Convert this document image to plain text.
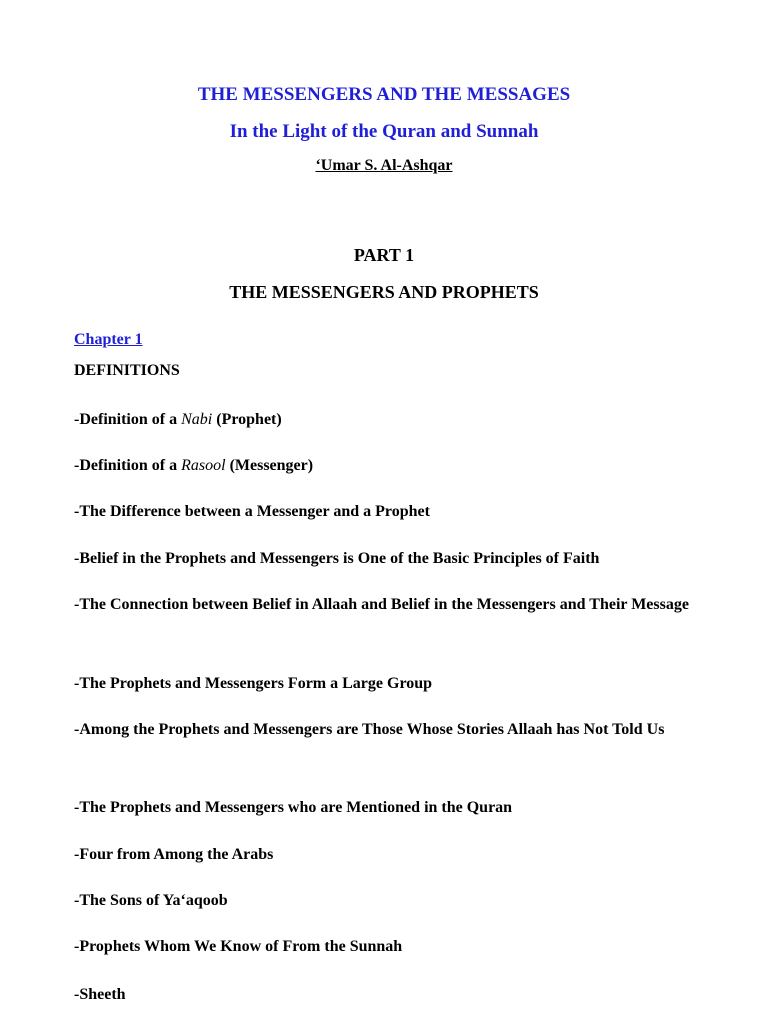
THE MESSENGERS AND THE MESSAGES
In the Light of the Quran and Sunnah
‘Umar S. Al-Ashqar
PART 1
THE MESSENGERS AND PROPHETS
Chapter 1
DEFINITIONS
-Definition of a Nabi (Prophet)
-Definition of a Rasool (Messenger)
-The Difference between a Messenger and a Prophet
-Belief in the Prophets and Messengers is One of the Basic Principles of Faith
-The Connection between Belief in Allaah and Belief in the Messengers and Their Message
-The Prophets and Messengers Form a Large Group
-Among the Prophets and Messengers are Those Whose Stories Allaah has Not Told Us
-The Prophets and Messengers who are Mentioned in the Quran
-Four from Among the Arabs
-The Sons of Ya‘aqoob
-Prophets Whom We Know of From the Sunnah
-Sheeth
